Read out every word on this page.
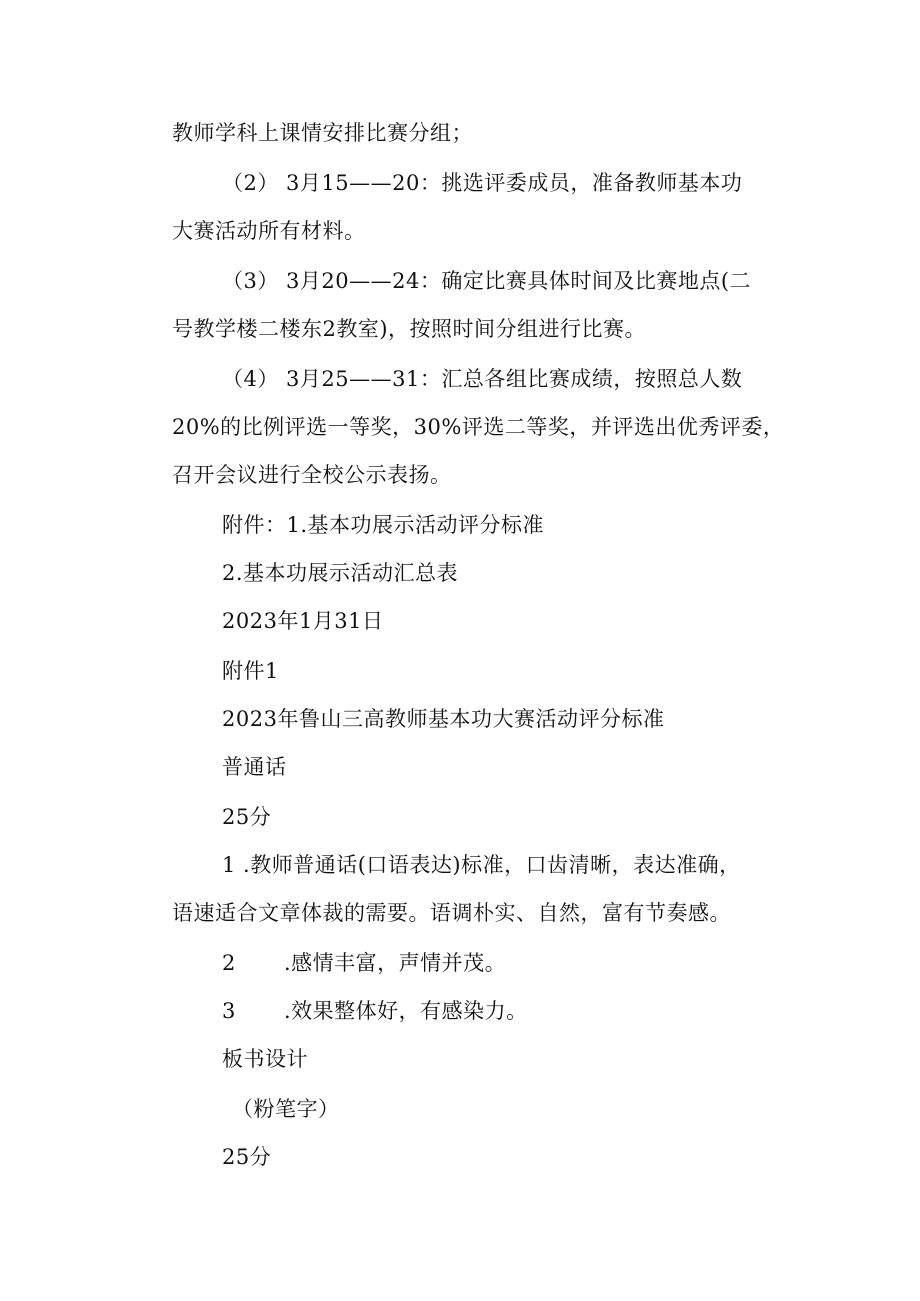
教师学科上课情安排比赛分组；
（2） 3月15——20：挑选评委成员，准备教师基本功
大赛活动所有材料。
（3） 3月20——24：确定比赛具体时间及比赛地点(二
号教学楼二楼东2教室)，按照时间分组进行比赛。
（4） 3月25——31：汇总各组比赛成绩，按照总人数
20%的比例评选一等奖，30%评选二等奖，并评选出优秀评委，
召开会议进行全校公示表扬。
附件：1.基本功展示活动评分标准
2.基本功展示活动汇总表
2023年1月31日
附件1
2023年鲁山三高教师基本功大赛活动评分标准
普通话
25分
1 .教师普通话(口语表达)标准，口齿清晰，表达准确，
语速适合文章体裁的需要。语调朴实、自然，富有节奏感。
2 .感情丰富，声情并茂。
3 .效果整体好，有感染力。
板书设计
（粉笔字）
25分
